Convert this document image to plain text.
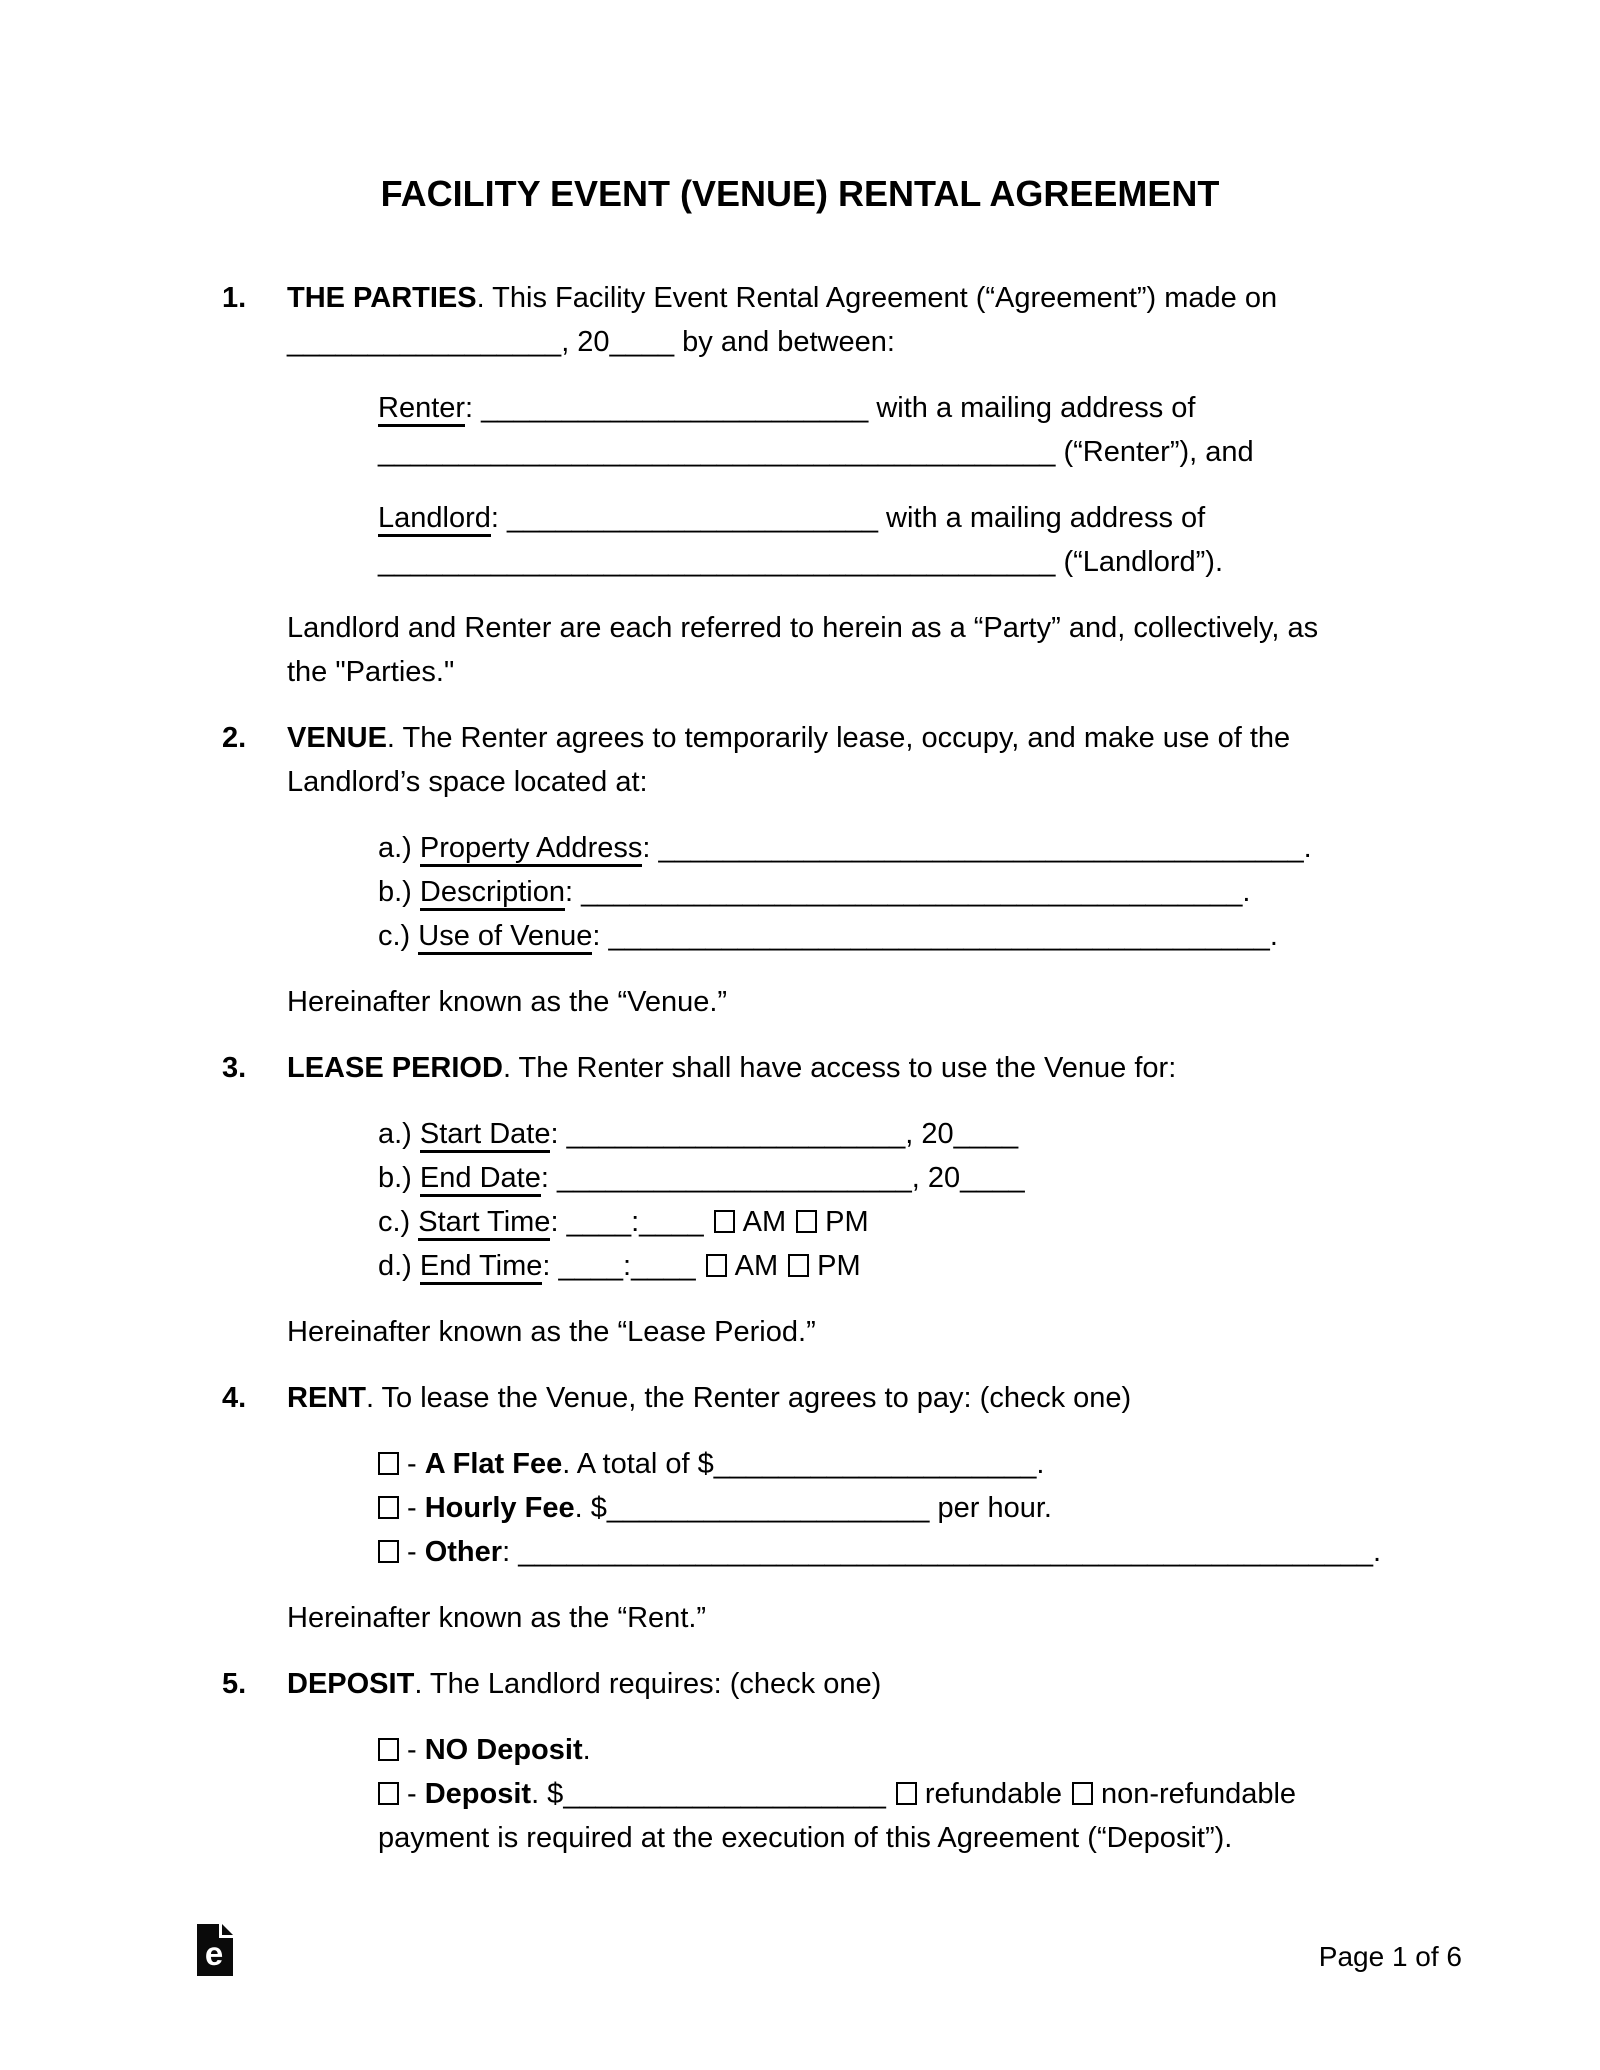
FACILITY EVENT (VENUE) RENTAL AGREEMENT
1.	THE PARTIES. This Facility Event Rental Agreement (“Agreement”) made on
_________________, 20____ by and between:
Renter: ________________________ with a mailing address of
__________________________________________ (“Renter”), and
Landlord: _______________________ with a mailing address of
__________________________________________ (“Landlord”).
Landlord and Renter are each referred to herein as a “Party” and, collectively, as
the "Parties."
2.	VENUE. The Renter agrees to temporarily lease, occupy, and make use of the
Landlord’s space located at:
a.) Property Address: ________________________________________.
b.) Description: _________________________________________.
c.) Use of Venue: _________________________________________.
Hereinafter known as the “Venue.”
3.	LEASE PERIOD. The Renter shall have access to use the Venue for:
a.) Start Date: _____________________, 20____
b.) End Date: ______________________, 20____
c.) Start Time: ____:____ AM PM
d.) End Time: ____:____ AM PM
Hereinafter known as the “Lease Period.”
4.	RENT. To lease the Venue, the Renter agrees to pay: (check one)
- A Flat Fee. A total of $____________________.
- Hourly Fee. $____________________ per hour.
- Other: _____________________________________________________.
Hereinafter known as the “Rent.”
5.	DEPOSIT. The Landlord requires: (check one)
- NO Deposit.
- Deposit. $____________________ refundable non-refundable
payment is required at the execution of this Agreement (“Deposit”).
e	Page 1 of 6
